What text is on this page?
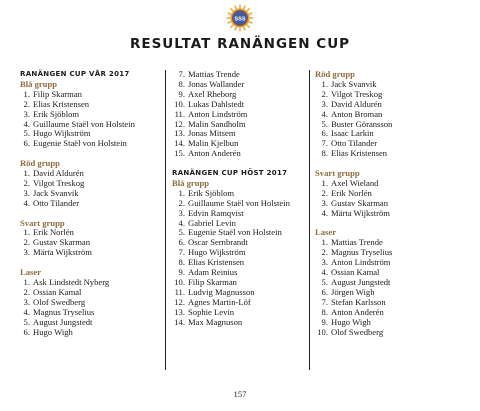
SSS
RESULTAT RANÄNGEN CUP
RANÄNGEN CUP VÅR 2017
Blå grupp
1. Filip Skarman
2. Elias Kristensen
3. Erik Sjöblom
4. Guillaume Staël von Holstein
5. Hugo Wijkström
6. Eugenie Staël von Holstein
Röd grupp
1. David Aldurén
2. Vilgot Treskog
3. Jack Svanvik
4. Otto Tilander
Svart grupp
1. Erik Norlén
2. Gustav Skarman
3. Märta Wijkström
Laser
1. Ask Lindstedt Nyberg
2. Ossian Kamal
3. Olof Swedberg
4. Magnus Tryselius
5. August Jungstedt
6. Hugo Wigh
7. Mattias Trende
8. Jonas Wallander
9. Axel Rheborg
10. Lukas Dahlstedt
11. Anton Lindström
12. Malin Sandholm
13. Jonas Mitsem
14. Malin Kjelbun
15. Anton Anderén
RANÄNGEN CUP HÖST 2017
Blå grupp
1. Erik Sjöblom
2. Guillaume Staël von Holstein
3. Edvin Ramqvist
4. Gabriel Levin
5. Eugenie Staël von Holstein
6. Oscar Sernbrandt
7. Hugo Wijkström
8. Elias Kristensen
9. Adam Reinius
10. Filip Skarman
11. Ludvig Magnusson
12. Agnes Martin-Löf
13. Sophie Levin
14. Max Magnuson
Röd grupp
1. Jack Svanvik
2. Vilgot Treskog
3. David Aldurén
4. Anton Broman
5. Buster Göransson
6. Isaac Larkin
7. Otto Tilander
8. Elias Kristensen
Svart grupp
1. Axel Wieland
2. Erik Norlén
3. Gustav Skarman
4. Märta Wijkström
Laser
1. Mattias Trende
2. Magnus Tryselius
3. Anton Lindström
4. Ossian Kamal
5. August Jungstedt
6. Jörgen Wigh
7. Stefan Karlsson
8. Anton Anderén
9. Hugo Wigh
10. Olof Swedberg
157
